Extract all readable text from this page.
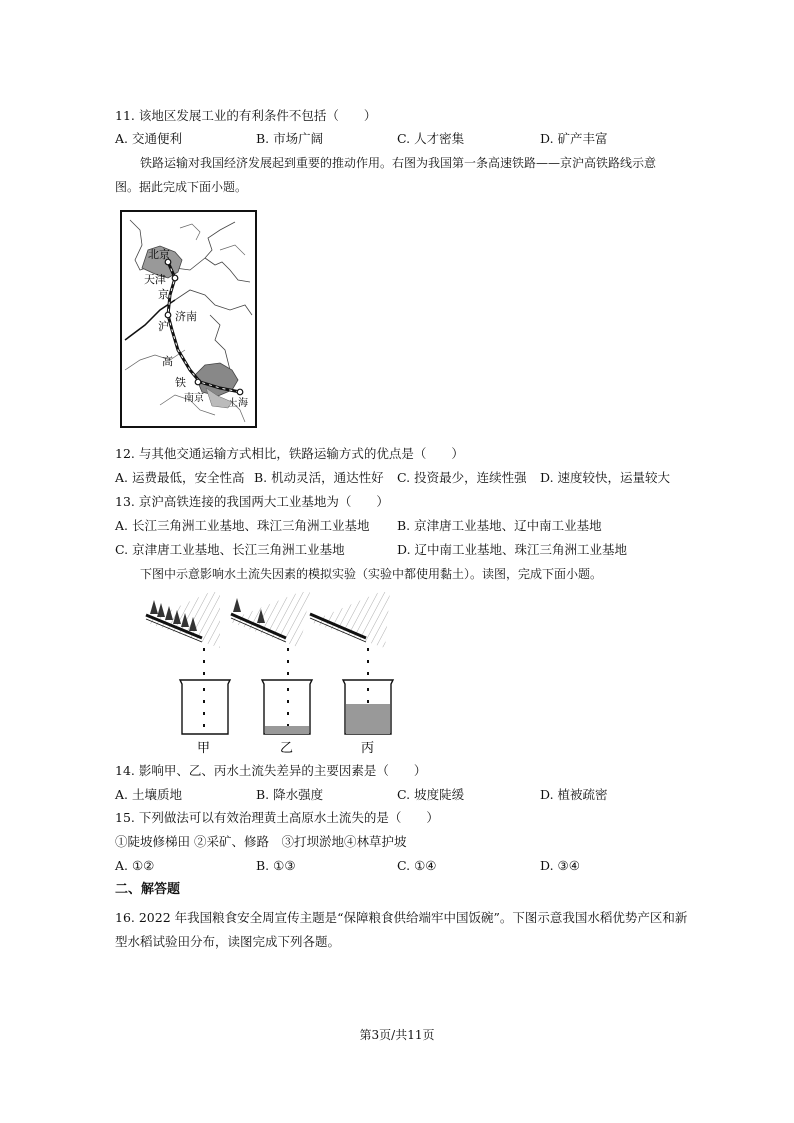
11. 该地区发展工业的有利条件不包括（　　）
A. 交通便利	B. 市场广阔	C. 人才密集	D. 矿产丰富
铁路运输对我国经济发展起到重要的推动作用。右图为我国第一条高速铁路——京沪高铁路线示意
图。据此完成下面小题。
北京
天津
京
济南
沪
高
铁
南京 上海
12. 与其他交通运输方式相比，铁路运输方式的优点是（　　）
A. 运费最低，安全性高 B. 机动灵活，通达性好 C. 投资最少，连续性强 D. 速度较快，运量较大
13. 京沪高铁连接的我国两大工业基地为（　　）
A. 长江三角洲工业基地、珠江三角洲工业基地 B. 京津唐工业基地、辽中南工业基地
C. 京津唐工业基地、长江三角洲工业基地	D. 辽中南工业基地、珠江三角洲工业基地
下图中示意影响水土流失因素的模拟实验（实验中都使用黏土）。读图，完成下面小题。
甲	乙	丙
14. 影响甲、乙、丙水土流失差异的主要因素是（　　）
A. 土壤质地	B. 降水强度	C. 坡度陡缓	D. 植被疏密
15. 下列做法可以有效治理黄土高原水土流失的是（　　）
①陡坡修梯田 ②采矿、修路　③打坝淤地④林草护坡
A. ①②	B. ①③	C. ①④	D. ③④
二、解答题
16. 2022 年我国粮食安全周宣传主题是“保障粮食供给端牢中国饭碗”。下图示意我国水稻优势产区和新
型水稻试验田分布，读图完成下列各题。
第3页/共11页
